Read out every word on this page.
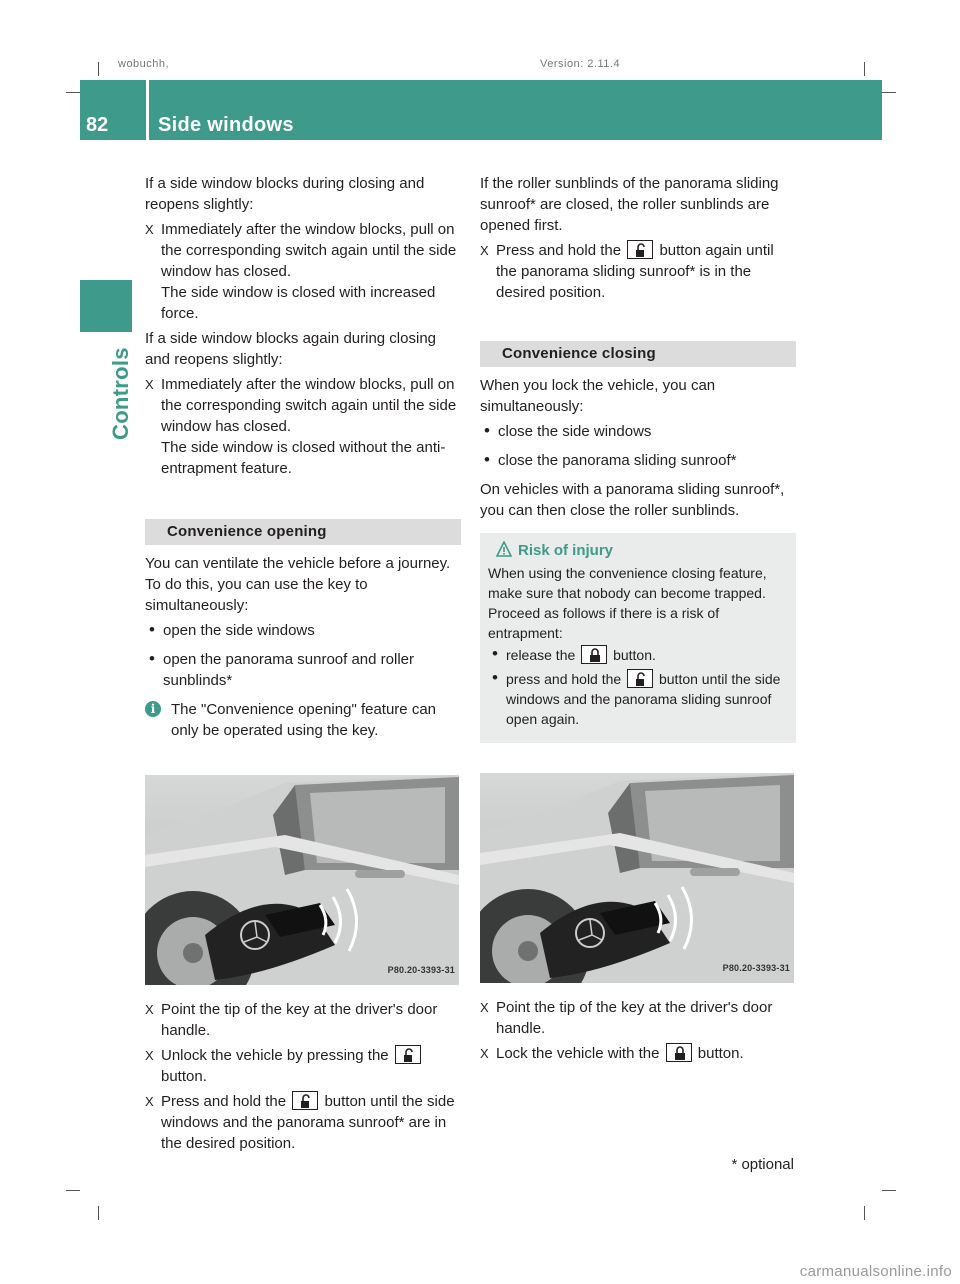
wobuchh,	Version: 2.11.4
82	Side windows
Controls

If a side window blocks during closing and reopens slightly:

X Immediately after the window blocks, pull on the corresponding switch again until the side window has closed.
The side window is closed with increased force.

If a side window blocks again during closing and reopens slightly:

X Immediately after the window blocks, pull on the corresponding switch again until the side window has closed.
The side window is closed without the anti-entrapment feature.
Convenience opening

You can ventilate the vehicle before a journey. To do this, you can use the key to simultaneously:

• open the side windows
• open the panorama sunroof and roller sunblinds*
i	The "Convenience opening" feature can only be operated using the key.
P80.20-3393-31
X Point the tip of the key at the driver's door handle.
X Unlock the vehicle by pressing the

button.
X Press and hold the	button until the side windows and the panorama sunroof* are in the desired position.

If the roller sunblinds of the panorama sliding sunroof* are closed, the roller sunblinds are opened first.

X Press and hold the	button again until the panorama sliding sunroof* is in the desired position.
Convenience closing

When you lock the vehicle, you can simultaneously:

• close the side windows
• close the panorama sliding sunroof*

On vehicles with a panorama sliding sunroof*, you can then close the roller sunblinds.

Risk of injury

When using the convenience closing feature, make sure that nobody can become trapped. Proceed as follows if there is a risk of entrapment:

• release the	button.
• press and hold the	button until the side windows and the panorama sliding sunroof open again.
P80.20-3393-31
X Point the tip of the key at the driver's door handle.
X Lock the vehicle with the	button.
* optional
carmanualsonline.info
